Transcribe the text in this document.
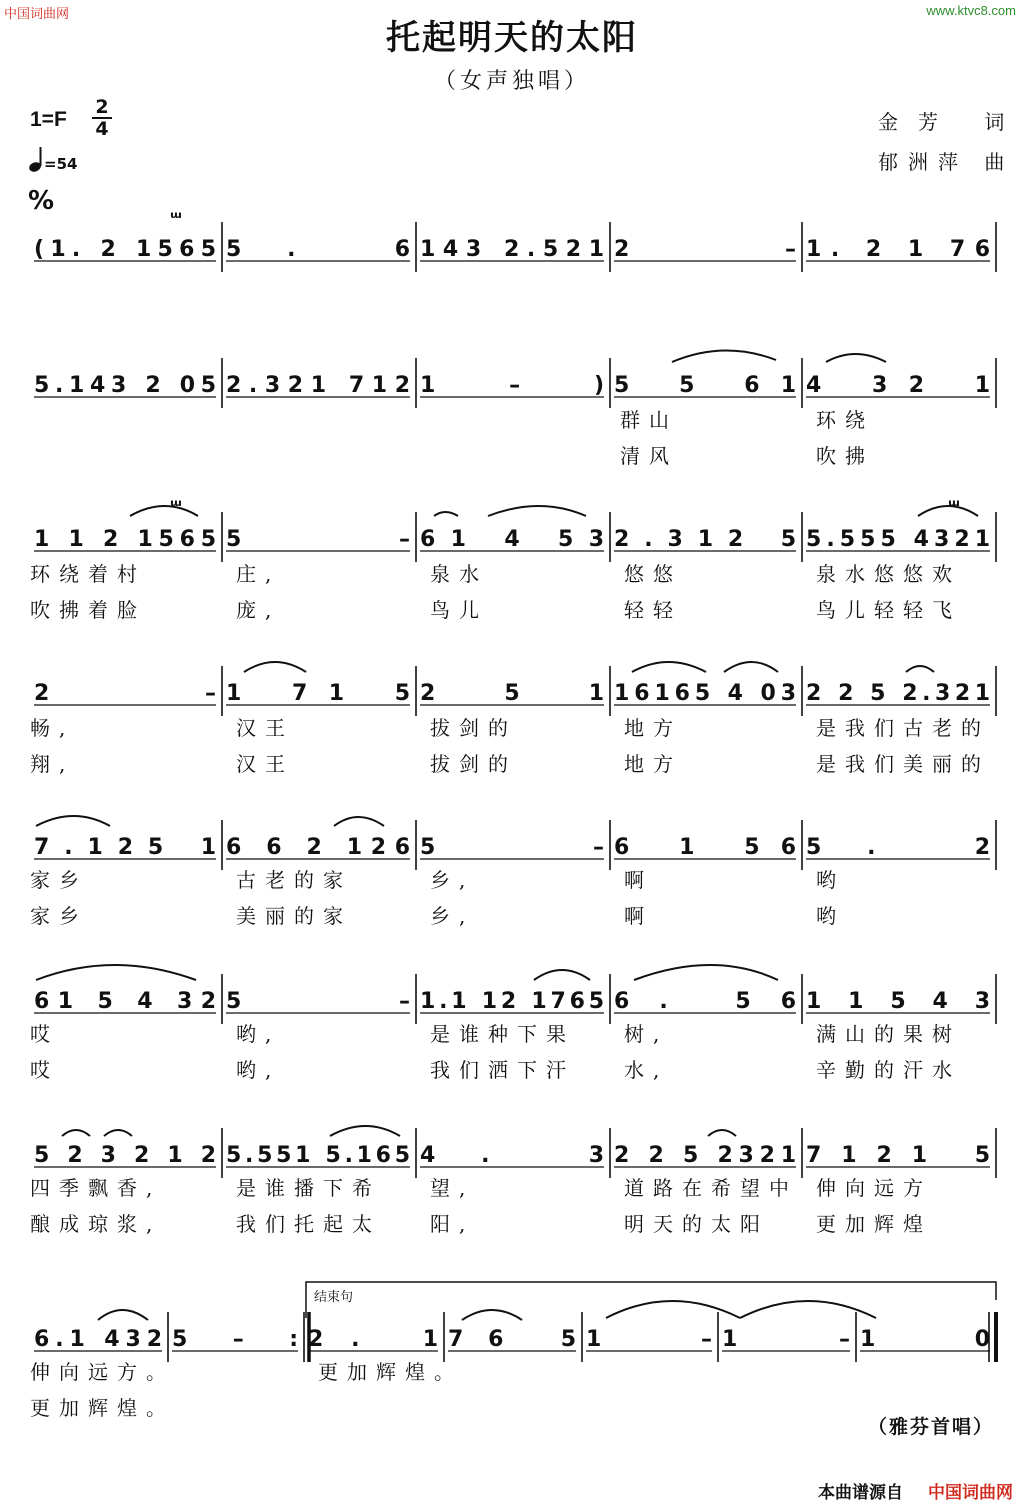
中国词曲网	www.ktvc8.com
托起明天的太阳
（女声独唱）
1=F
2
4
=54
金芳 词
郁洲萍 曲
%
ᵚ
ᵚ	ᵚ
(1. 2 1565 5. 6 143 2.521 2 – 1. 2 1 76
5.143 2 05 2.321 712 1 – ) 5 5 61 4 32 1
1 1 2 1565 5 – 61 4 53 2.312 5 5.555 4321
2 – 1 71 5 2 5 1 16165 4 03 2 2 5 2.321
7.125 1 6 6 2 126 5 – 6 1 56 5. 2
61 5 4 32 5 – 1.1 12 1765 6. 56 1 1 5 4 3
523212 5.551 5.165 4. 3 2 2 5 2321 7121 5
6.1 432 5 – : 2. 1 76 5 1 – 1 – 1 0
结束句
群山	环绕
清风	吹拂
环绕着村	庄,	泉水	悠悠	泉水悠悠欢
吹拂着脸	庞,	鸟儿	轻轻	鸟儿轻轻飞
畅,	汉王	拔剑的	地方	是我们古老的
翔,	汉王	拔剑的	地方	是我们美丽的
家乡	古老的家	乡,	啊	哟
家乡	美丽的家	乡,	啊	哟
哎	哟,	是谁种下果 树,	满山的果树
哎	哟,	我们洒下汗 水,	辛勤的汗水
四季飘香,	是谁播下希 望,	道路在希望中 伸向远方
酿成琼浆,	我们托起太 阳,	明天的太阳 更加辉煌
伸向远方。	更加辉煌。
更加辉煌。
（雅芬首唱）
本曲谱源自 中国词曲网
